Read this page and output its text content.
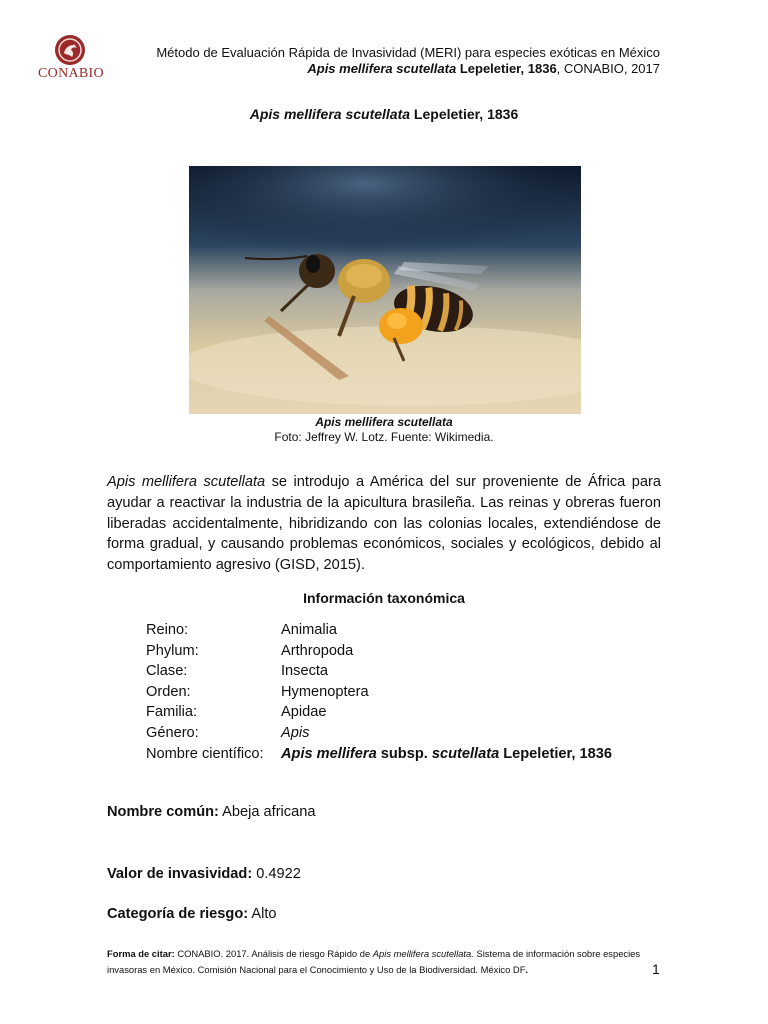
CONABIO
Método de Evaluación Rápida de Invasividad (MERI) para especies exóticas en México
Apis mellifera scutellata Lepeletier, 1836, CONABIO, 2017
Apis mellifera scutellata Lepeletier, 1836
Apis mellifera scutellata
Foto: Jeffrey W. Lotz. Fuente: Wikimedia.
Apis mellifera scutellata se introdujo a América del sur proveniente de África para ayudar a reactivar la industria de la apicultura brasileña. Las reinas y obreras fueron liberadas accidentalmente, hibridizando con las colonias locales, extendiéndose de forma gradual, y causando problemas económicos, sociales y ecológicos, debido al comportamiento agresivo (GISD, 2015).
Información taxonómica
Reino:	Animalia
Phylum:	Arthropoda
Clase:	Insecta
Orden:	Hymenoptera
Familia:	Apidae
Género:	Apis
Nombre científico: Apis mellifera subsp. scutellata Lepeletier, 1836
Nombre común: Abeja africana
Valor de invasividad: 0.4922
Categoría de riesgo: Alto
Forma de citar: CONABIO. 2017. Análisis de riesgo Rápido de Apis mellifera scutellata. Sistema de información sobre especies invasoras en México. Comisión Nacional para el Conocimiento y Uso de la Biodiversidad. México DF.	1
